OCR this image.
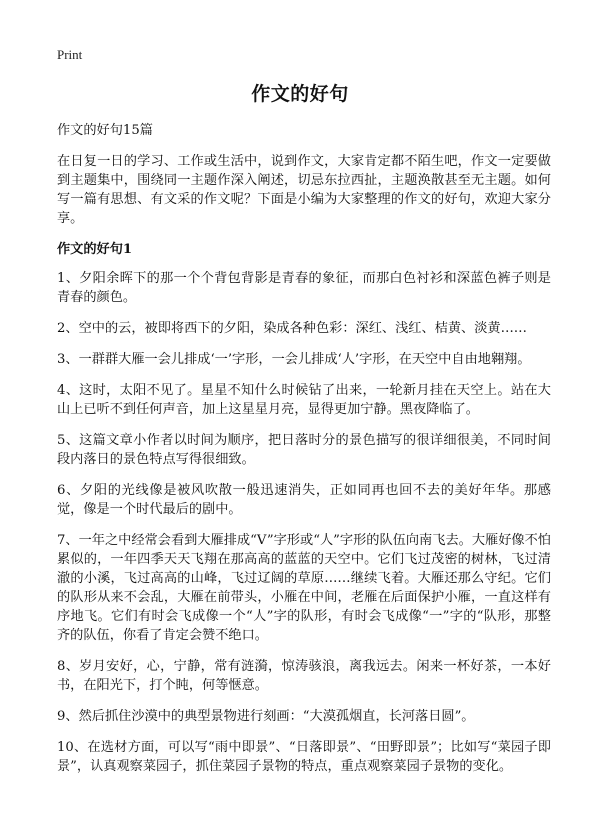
Print
作文的好句

作文的好句15篇

在日复一日的学习、工作或生活中，说到作文，大家肯定都不陌生吧，作文一定要做到主题集中，围绕同一主题作深入阐述，切忌东拉西扯，主题涣散甚至无主题。如何写一篇有思想、有文采的作文呢？下面是小编为大家整理的作文的好句，欢迎大家分享。

作文的好句1

1、夕阳余晖下的那一个个背包背影是青春的象征，而那白色衬衫和深蓝色裤子则是青春的颜色。

2、空中的云，被即将西下的夕阳，染成各种色彩：深红、浅红、桔黄、淡黄……

3、一群群大雁一会儿排成‘一’字形，一会儿排成‘人’字形，在天空中自由地翱翔。

4、这时，太阳不见了。星星不知什么时候钻了出来，一轮新月挂在天空上。站在大山上已听不到任何声音，加上这星星月亮，显得更加宁静。黑夜降临了。

5、这篇文章小作者以时间为顺序，把日落时分的景色描写的很详细很美，不同时间段内落日的景色特点写得很细致。

6、夕阳的光线像是被风吹散一般迅速消失，正如同再也回不去的美好年华。那感觉，像是一个时代最后的剧中。

7、一年之中经常会看到大雁排成“V”字形或“人”字形的队伍向南飞去。大雁好像不怕累似的，一年四季天天飞翔在那高高的蓝蓝的天空中。它们飞过茂密的树林，飞过清澈的小溪，飞过高高的山峰，飞过辽阔的草原……继续飞着。大雁还那么守纪。它们的队形从来不会乱，大雁在前带头，小雁在中间，老雁在后面保护小雁，一直这样有序地飞。它们有时会飞成像一个“人”字的队形，有时会飞成像“一”字的“队形，那整齐的队伍，你看了肯定会赞不绝口。

8、岁月安好，心，宁静，常有涟漪，惊涛骇浪，离我远去。闲来一杯好茶，一本好书，在阳光下，打个盹，何等惬意。

9、然后抓住沙漠中的典型景物进行刻画：“大漠孤烟直，长河落日圆”。

10、在选材方面，可以写“雨中即景”、“日落即景”、“田野即景”；比如写“菜园子即景”，认真观察菜园子，抓住菜园子景物的特点，重点观察菜园子景物的变化。
